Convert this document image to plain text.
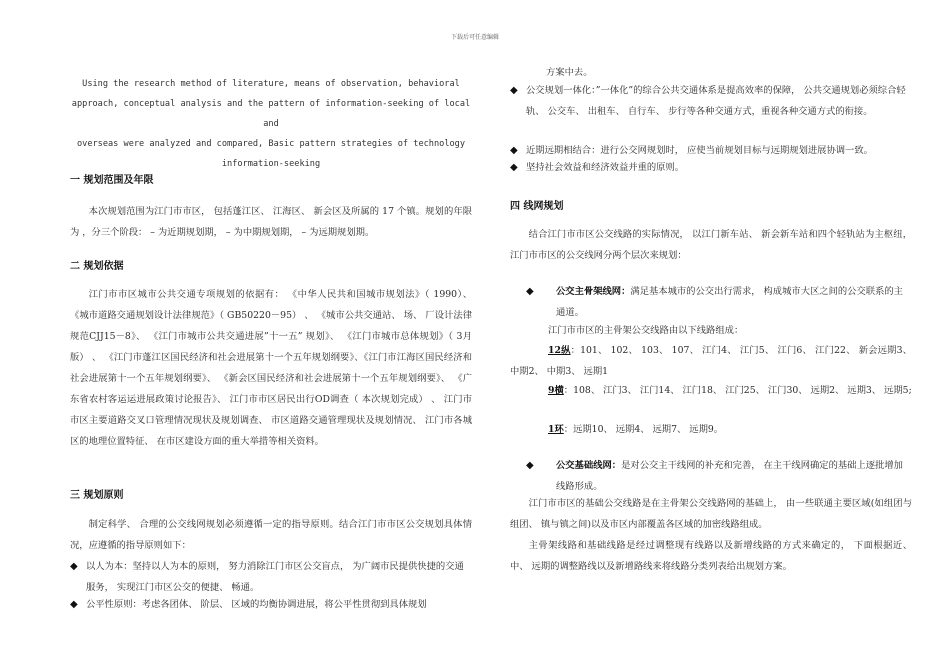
下载后可任意编辑
Using the research method of literature, means of observation, behavioral
approach, conceptual analysis and the pattern of information-seeking of local and
overseas were analyzed and compared, Basic pattern strategies of technology
information-seeking
一 规划范围及年限
本次规划范围为江门市市区， 包括蓬江区、 江海区、 新会区及所属的 17 个镇。规划的年限为 ，分三个阶段： – 为近期规划期， – 为中期规划期， – 为远期规划期。
二 规划依据
江门市市区城市公共交通专项规划的依据有： 《中华人民共和国城市规划法》（ 1990）、 《城市道路交通规划设计法律规范》（ GB50220－95） 、 《城市公共交通站、 场、 厂设计法律规范CJJ15－8》、 《江门市城市公共交通进展”十一五” 规划》、 《江门市城市总体规划》（ 3月版） 、 《江门市蓬江区国民经济和社会进展第十一个五年规划纲要》、《江门市江海区国民经济和社会进展第十一个五年规划纲要》、 《新会区国民经济和社会进展第十一个五年规划纲要》、 《广东省农村客运运进展政策讨论报告》、 江门市市区居民出行OD调查（ 本次规划完成） 、 江门市市区主要道路交叉口管理情况现状及规划调查、 市区道路交通管理现状及规划情况、 江门市各城区的地理位置特征、 在市区建设方面的重大举措等相关资料。
三 规划原则
制定科学、 合理的公交线网规划必须遵循一定的指导原则。结合江门市市区公交规划具体情况，应遵循的指导原则如下：
◆ 以人为本：坚持以人为本的原则， 努力消除江门市区公交盲点， 为广阔市民提供快捷的交通服务， 实现江门市区公交的便捷、 畅通。
◆ 公平性原则：考虑各团体、 阶层、 区域的均衡协调进展，将公平性贯彻到具体规划
方案中去。
◆ 公交规划一体化：”一体化”的综合公共交通体系是提高效率的保障， 公共交通规划必须综合轻轨、 公交车、 出租车、 自行车、 步行等各种交通方式，重视各种交通方式的衔接。
◆ 近期远期相结合：进行公交网规划时， 应使当前规划目标与远期规划进展协调一致。
◆ 坚持社会效益和经济效益并重的原则。
四 线网规划
结合江门市市区公交线路的实际情况， 以江门新车站、 新会新车站和四个轻轨站为主枢纽，江门市市区的公交线网分两个层次来规划：
◆	公交主骨架线网：满足基本城市的公交出行需求， 构成城市大区之间的公交联系的主通道。
江门市市区的主骨架公交线路由以下线路组成：
12纵：101、 102、 103、 107、 江门4、 江门5、 江门6、 江门22、 新会远期3、 中期2、 中期3、 远期1
9横：108、 江门3、 江门14、 江门18、 江门25、 江门30、 远期2、 远期3、 远期5;
1环：远期10、 远期4、 远期7、 远期9。
◆	公交基础线网：是对公交主干线网的补充和完善， 在主干线网确定的基础上逐批增加线路形成。
江门市市区的基础公交线路是在主骨架公交线路网的基础上， 由一些联通主要区域(如组团与组团、 镇与镇之间)以及市区内部覆盖各区域的加密线路组成。
主骨架线路和基础线路是经过调整现有线路以及新增线路的方式来确定的， 下面根据近、中、 远期的调整路线以及新增路线来将线路分类列表给出规划方案。
